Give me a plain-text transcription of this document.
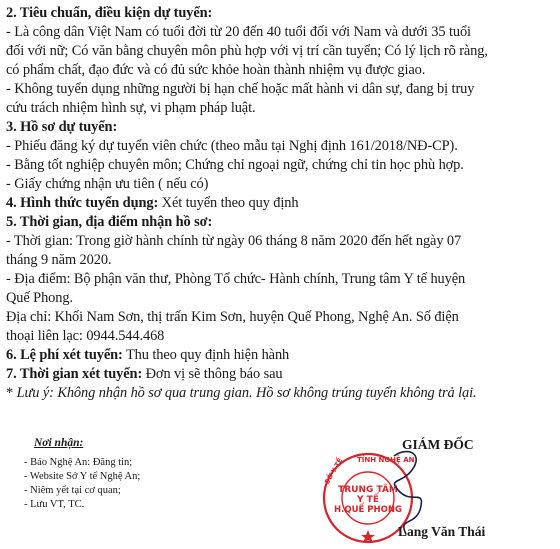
2. Tiêu chuẩn, điều kiện dự tuyển:
- Là công dân Việt Nam có tuổi đời từ 20 đến 40 tuổi đối với Nam và dưới 35 tuổi
đối với nữ; Có văn bằng chuyên môn phù hợp với vị trí cần tuyển; Có lý lịch rõ ràng,
có phẩm chất, đạo đức và có đủ sức khỏe hoàn thành nhiệm vụ được giao.
- Không tuyển dụng những người bị hạn chế hoặc mất hành vi dân sự, đang bị truy
cứu trách nhiệm hình sự, vi phạm pháp luật.
3. Hồ sơ dự tuyển:
- Phiếu đăng ký dự tuyển viên chức (theo mẫu tại Nghị định 161/2018/NĐ-CP).
- Bằng tốt nghiệp chuyên môn; Chứng chỉ ngoại ngữ, chứng chỉ tin học phù hợp.
- Giấy chứng nhận ưu tiên ( nếu có)
4. Hình thức tuyển dụng: Xét tuyển theo quy định
5. Thời gian, địa điểm nhận hồ sơ:
- Thời gian: Trong giờ hành chính từ ngày 06 tháng 8 năm 2020 đến hết ngày 07
tháng 9 năm 2020.
- Địa điểm: Bộ phận văn thư, Phòng Tổ chức- Hành chính, Trung tâm Y tế huyện
Quế Phong.
Địa chỉ: Khối Nam Sơn, thị trấn Kim Sơn, huyện Quế Phong, Nghệ An. Số điện
thoại liên lạc: 0944.544.468
6. Lệ phí xét tuyển: Thu theo quy định hiện hành
7. Thời gian xét tuyển: Đơn vị sẽ thông báo sau
* Lưu ý: Không nhận hồ sơ qua trung gian. Hồ sơ không trúng tuyển không trả lại.
Nơi nhận:
- Báo Nghệ An: Đăng tin;
- Website Sở Y tế Nghệ An;
- Niêm yết tại cơ quan;
- Lưu VT, TC.
GIÁM ĐỐC
TỈNH NGHỆ AN
SỞ Y TẾ
TRUNG TÂM
Y TẾ
H.QUẾ PHONG
Lang Văn Thái
